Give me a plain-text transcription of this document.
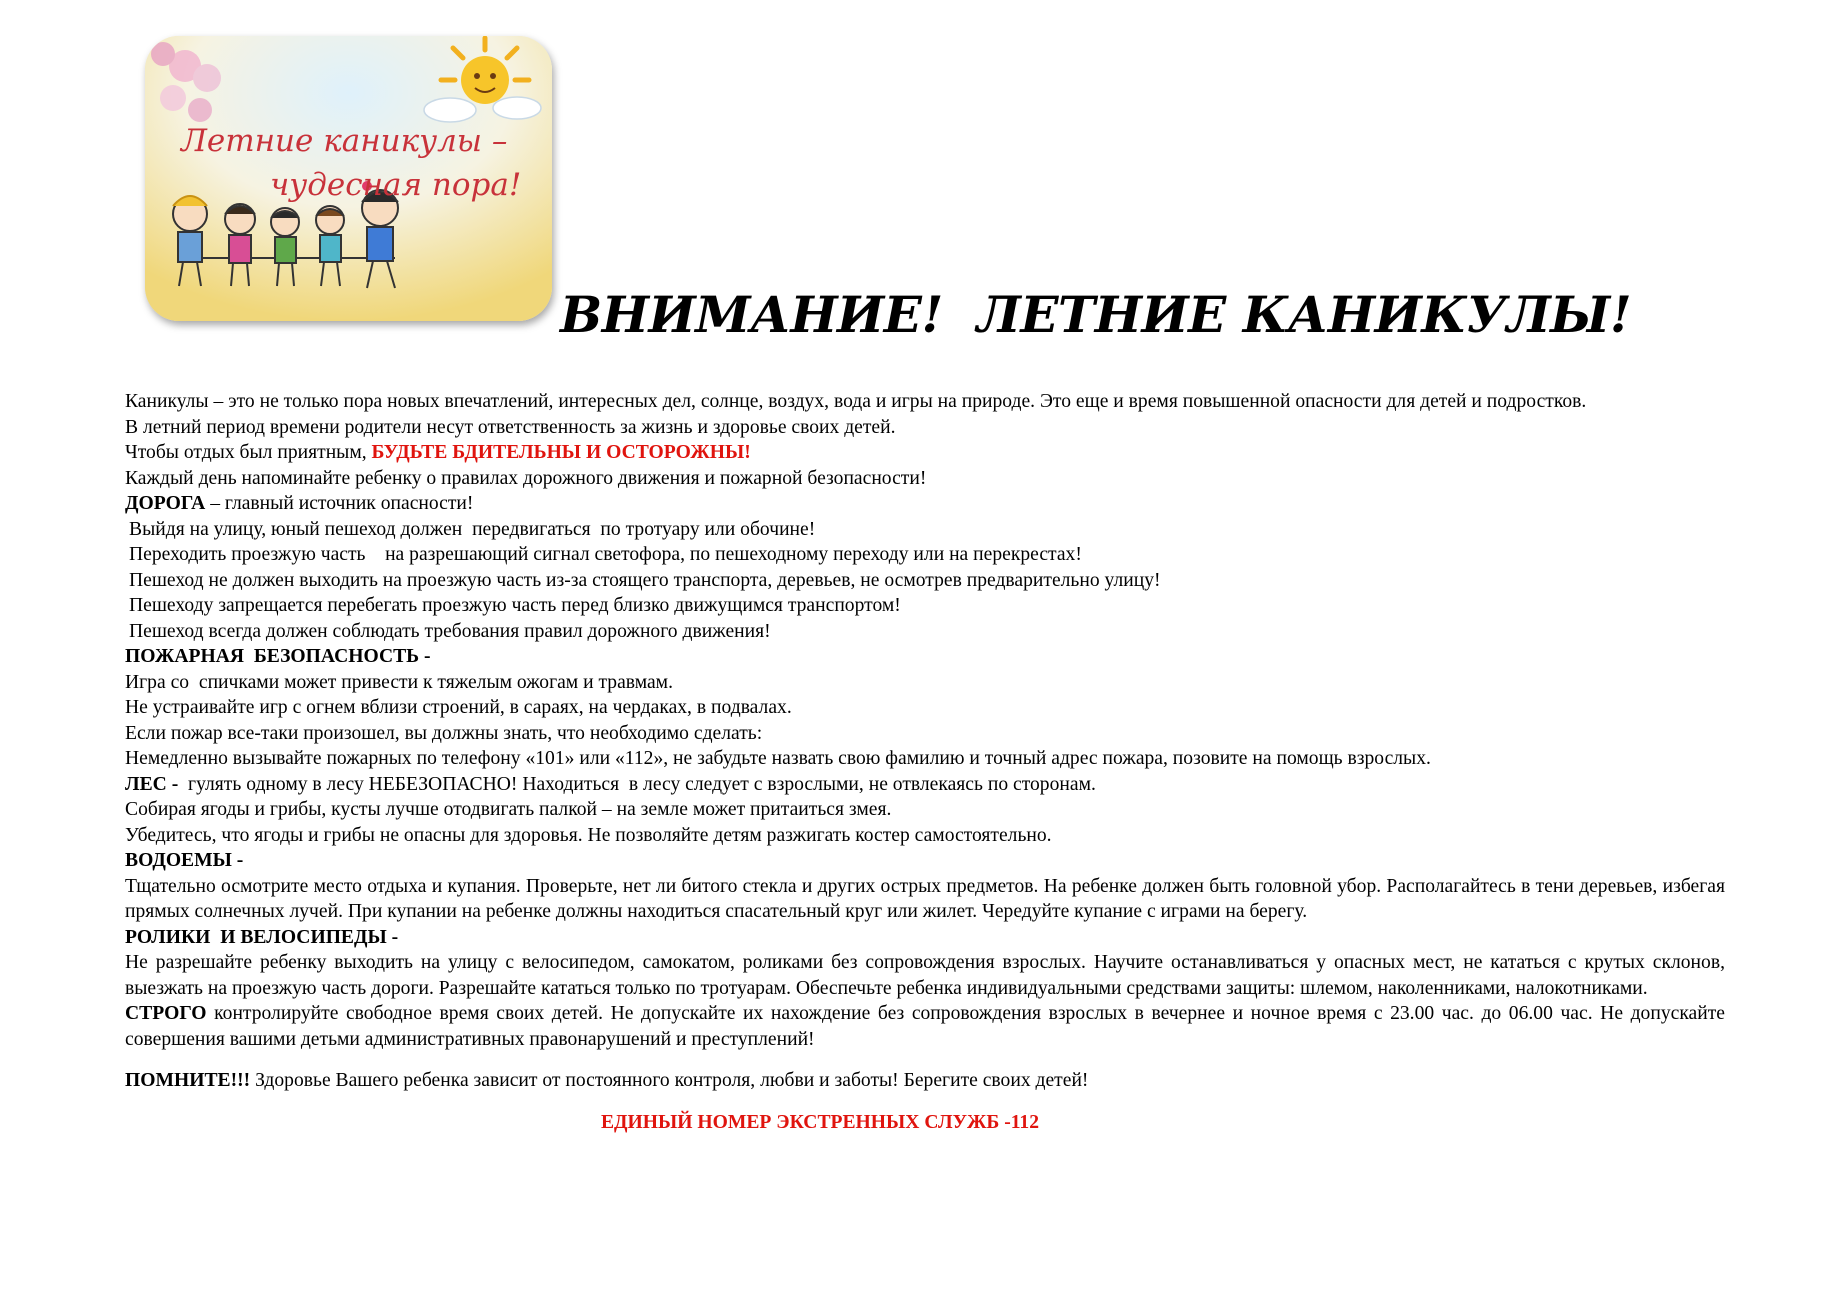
Летние каникулы –
чудесная пора!
ВНИМАНИЕ!  ЛЕТНИЕ КАНИКУЛЫ!

Каникулы – это не только пора новых впечатлений, интересных дел, солнце, воздух, вода и игры на природе. Это еще и время повышенной опасности для детей и подростков.

В летний период времени родители несут ответственность за жизнь и здоровье своих детей.

Чтобы отдых был приятным, БУДЬТЕ БДИТЕЛЬНЫ И ОСТОРОЖНЫ!

Каждый день напоминайте ребенку о правилах дорожного движения и пожарной безопасности!

ДОРОГА – главный источник опасности!

Выйдя на улицу, юный пешеход должен  передвигаться  по тротуару или обочине!

Переходить проезжую часть    на разрешающий сигнал светофора, по пешеходному переходу или на перекрестах!

Пешеход не должен выходить на проезжую часть из-за стоящего транспорта, деревьев, не осмотрев предварительно улицу!

Пешеходу запрещается перебегать проезжую часть перед близко движущимся транспортом!

Пешеход всегда должен соблюдать требования правил дорожного движения!

ПОЖАРНАЯ  БЕЗОПАСНОСТЬ -

Игра со  спичками может привести к тяжелым ожогам и травмам.

Не устраивайте игр с огнем вблизи строений, в сараях, на чердаках, в подвалах.

Если пожар все-таки произошел, вы должны знать, что необходимо сделать:

Немедленно вызывайте пожарных по телефону «101» или «112», не забудьте назвать свою фамилию и точный адрес пожара, позовите на помощь взрослых.

ЛЕС -  гулять одному в лесу НЕБЕЗОПАСНО! Находиться  в лесу следует с взрослыми, не отвлекаясь по сторонам.

Собирая ягоды и грибы, кусты лучше отодвигать палкой – на земле может притаиться змея.

Убедитесь, что ягоды и грибы не опасны для здоровья. Не позволяйте детям разжигать костер самостоятельно.

ВОДОЕМЫ -

Тщательно осмотрите место отдыха и купания. Проверьте, нет ли битого стекла и других острых предметов. На ребенке должен быть головной убор. Располагайтесь в тени деревьев, избегая прямых солнечных лучей. При купании на ребенке должны находиться спасательный круг или жилет. Чередуйте купание с играми на берегу.

РОЛИКИ  И ВЕЛОСИПЕДЫ -

Не разрешайте ребенку выходить на улицу с велосипедом, самокатом, роликами без сопровождения взрослых. Научите останавливаться у опасных мест, не кататься с крутых склонов, выезжать на проезжую часть дороги. Разрешайте кататься только по тротуарам. Обеспечьте ребенка индивидуальными средствами защиты: шлемом, наколенниками, налокотниками.

СТРОГО контролируйте свободное время своих детей. Не допускайте их нахождение без сопровождения взрослых в вечернее и ночное время с 23.00 час. до 06.00 час. Не допускайте совершения вашими детьми административных правонарушений и преступлений!

ПОМНИТЕ!!! Здоровье Вашего ребенка зависит от постоянного контроля, любви и заботы! Берегите своих детей!

ЕДИНЫЙ НОМЕР ЭКСТРЕННЫХ СЛУЖБ -112
